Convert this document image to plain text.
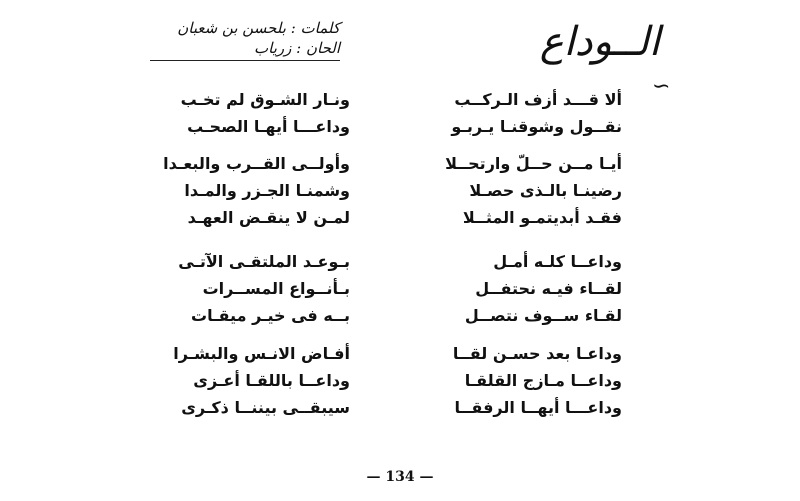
الــوداع
∽
كلمات : بلحسن بن شعبان
الحان : زرياب
ألا قـــد أزف الـركــب
نقــول وشوقنـا يـربـو
ونـار الشـوق لم تخـب
وداعـــا أيهـا الصحـب
أيـا مــن حــلّ وارتحــلا
رضينـا بالـذى حصـلا
فقـد أبديتمـو المثــلا
وأولــى القــرب والبعـدا
وشمنـا الجـزر والمـدا
لمـن لا ينقـض العهـد
وداعــا كلـه أمـل
لقــاء فيـه نحتفــل
لقـاء ســوف نتصــل
بـوعـد الملتقـى الآتـى
بـأنــواع المســرات
بــه فى خيـر ميقـات
وداعـا بعد حسـن لقــا
وداعــا مـازج القلقـا
وداعـــا أيهــا الرفقــا
أفـاض الانـس والبشـرا
وداعــا باللقـا أعـزى
سيبقــى بيننــا ذكـرى
— 134 —
